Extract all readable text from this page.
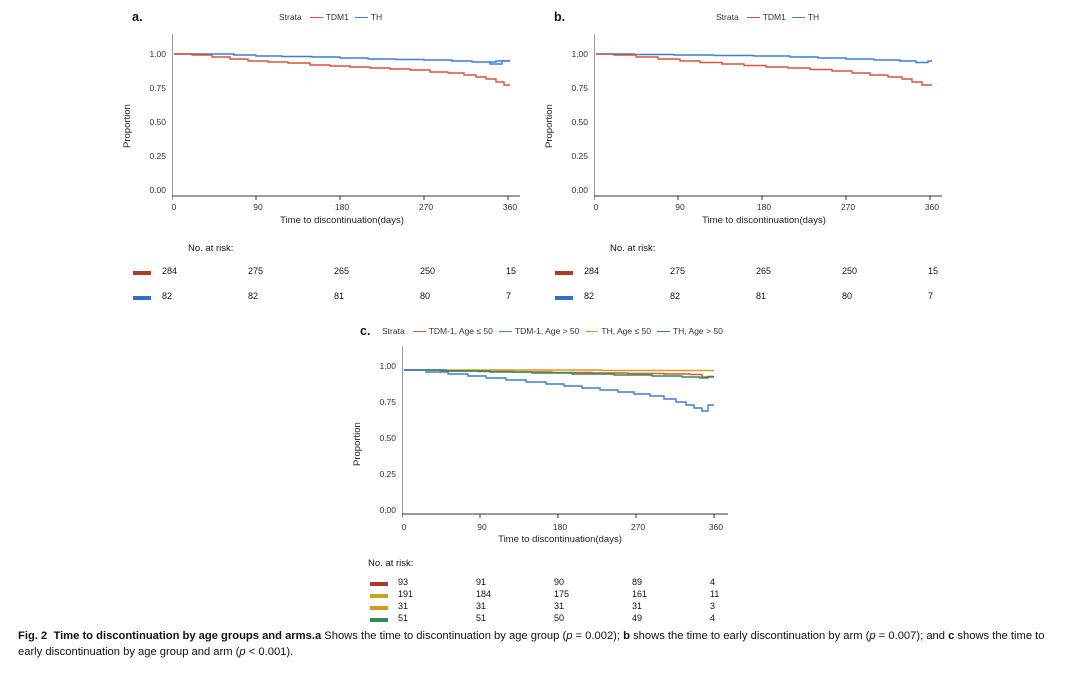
a.	Strata	TDM1	TH
Proportion
1.00
0.75
0.50
0.25
0.00
0	90	180	270	360
Time to discontinuation(days)
No. at risk:
284	275	265	250	15
82	82	81	80	7
b.	Strata	TDM1	TH
Proportion
1.00
0.75
0.50
0.25
0.00
0	90	180	270	360
Time to discontinuation(days)
No. at risk:
284	275	265	250	15
82	82	81	80	7
c. Strata	TDM-1, Age ≤ 50	TDM-1, Age > 50	TH, Age ≤ 50	TH, Age > 50
Proportion
1.00
0.75
0.50
0.25
0.00
0	90	180	270	360
Time to discontinuation(days)
No. at risk:
93	91	90	89	4
191	184	175	161	11
31	31	31	31	3
51	51	50	49	4
Fig. 2 Time to discontinuation by age groups and arms.a Shows the time to discontinuation by age group (p = 0.002); b shows the time to early discontinuation by arm (p = 0.007); and c shows the time to early discontinuation by age group and arm (p < 0.001).
